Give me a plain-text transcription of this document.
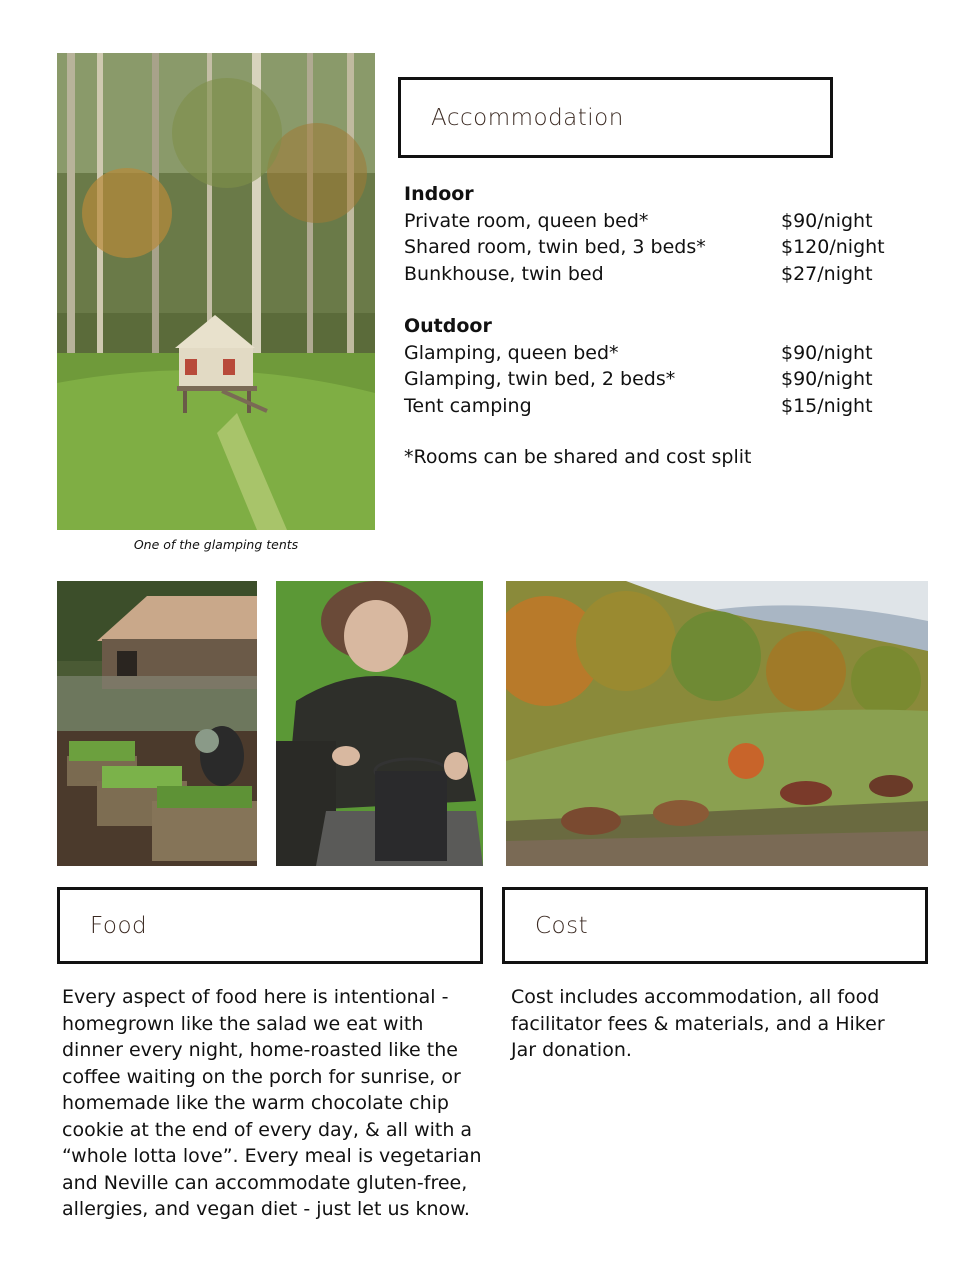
Accommodation
Indoor
Private room, queen bed*	$90/night
Shared room, twin bed, 3 beds*	$120/night
Bunkhouse, twin bed	$27/night
Outdoor
Glamping, queen bed*	$90/night
Glamping, twin bed, 2 beds*	$90/night
Tent camping	$15/night
*Rooms can be shared and cost split
One of the glamping tents
Food	Cost
Every aspect of food here is intentional - homegrown like the salad we eat with dinner every night, home-roasted like the coffee waiting on the porch for sunrise, or homemade like the warm chocolate chip cookie at the end of every day, & all with a “whole lotta love”. Every meal is vegetarian and Neville can accommodate gluten-free, allergies, and vegan diet - just let us know.
Cost includes accommodation, all food facilitator fees & materials, and a Hiker Jar donation.
